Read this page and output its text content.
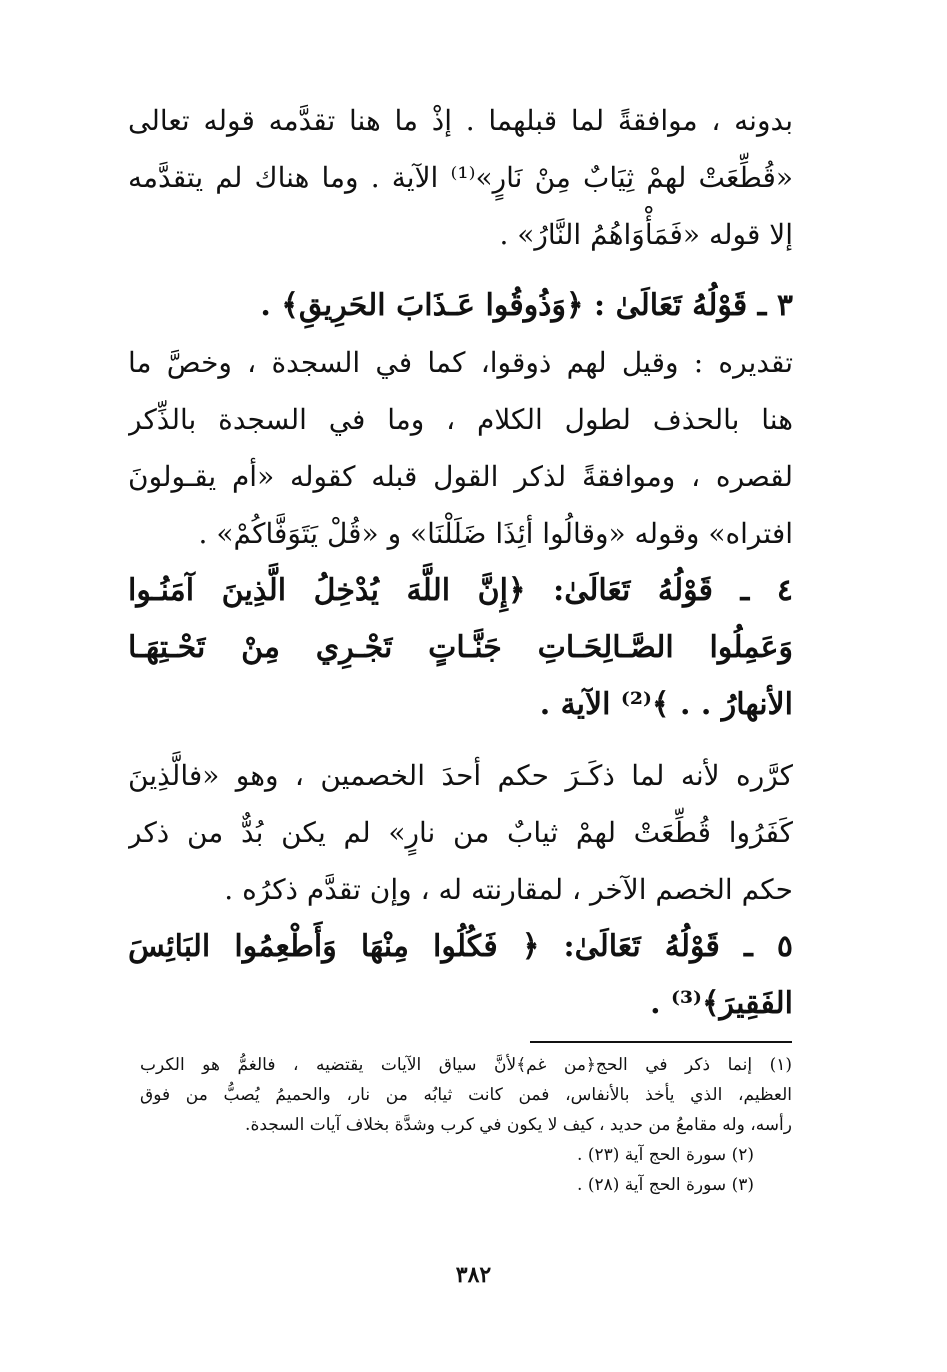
بدونه ، موافقةً لما قبلهما . إذْ ما هنا تقدَّمه قوله تعالى
«قُطِّعَتْ لهمْ ثِيَابٌ مِنْ نَارٍ»⁽¹⁾ الآية . وما هناك لم يتقدَّمه
إلا قوله «فَمَأْوَاهُمُ النَّارُ» .
٣ ـ قَوْلُهُ تَعَالَىٰ : ﴿وَذُوقُوا عَـذَابَ الحَرِيقِ﴾ .
تقديره : وقيل لهم ذوقوا، كما في السجدة ، وخصَّ ما
هنا بالحذف لطول الكلام ، وما في السجدة بالذِّكر
لقصره ، وموافقةً لذكر القول قبله كقوله «أم يقـولونَ
افتراه» وقوله «وقالُوا أئِذَا ضَلَلْنَا» و «قُلْ يَتَوَفَّاكُمْ» .
٤ ـ قَوْلُهُ تَعَالَىٰ: ﴿إِنَّ اللَّهَ يُدْخِلُ الَّذِينَ آمَنُـوا
وَعَمِلُوا الصَّـالِحَـاتِ جَنَّـاتٍ تَجْـرِي مِنْ تَحْـتِهَـا
الأنهارُ . . ﴾⁽²⁾ الآية .
كرَّره لأنه لما ذكَـرَ حكم أحدَ الخصمين ، وهو «فالَّذِينَ
كَفَرُوا قُطِّعَتْ لهمْ ثيابٌ من نارٍ» لم يكن بُدٌّ من ذكر
حكم الخصم الآخر ، لمقارنته له ، وإن تقدَّم ذكرُه .
٥ ـ قَوْلُهُ تَعَالَىٰ: ﴿ فَكُلُوا مِنْهَا وَأَطْعِمُوا البَائِسَ
الفَقِيرَ﴾⁽³⁾ .
(١) إنما ذكر في الحج﴿من غم﴾لأنَّ سياق الآيات يقتضيه ، فالغمُّ هو الكرب
العظيم، الذي يأخذ بالأنفاس، فمن كانت ثيابُه من نار، والحميمُ يُصبُّ من فوق
رأسه، وله مقامعُ من حديد ، كيف لا يكون في كرب وشدَّة بخلاف آيات السجدة.
(٢) سورة الحج آية (٢٣) .
(٣) سورة الحج آية (٢٨) .
٣٨٢
